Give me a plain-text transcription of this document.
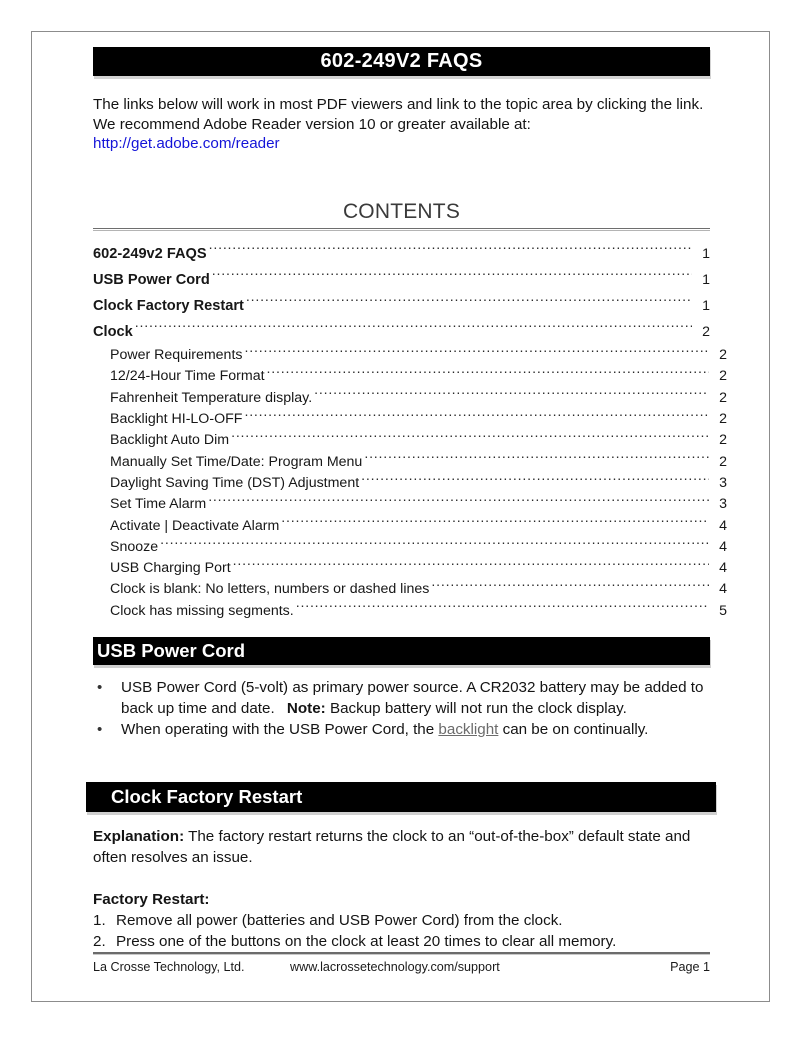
602-249V2 FAQS
The links below will work in most PDF viewers and link to the topic area by clicking the link. We recommend Adobe Reader version 10 or greater available at:
http://get.adobe.com/reader
CONTENTS
602-249v2 FAQS .....	1
USB Power Cord .....	1
Clock Factory Restart .....	1
Clock .....	2
Power Requirements .....	2
12/24-Hour Time Format .....	2
Fahrenheit Temperature display. .....	2
Backlight HI-LO-OFF .....	2
Backlight Auto Dim .....	2
Manually Set Time/Date: Program Menu .....	2
Daylight Saving Time (DST) Adjustment .....	3
Set Time Alarm .....	3
Activate | Deactivate Alarm .....	4
Snooze .....	4
USB Charging Port .....	4
Clock is blank: No letters, numbers or dashed lines .....	4
Clock has missing segments. .....	5
USB Power Cord
•	USB Power Cord (5-volt) as primary power source. A CR2032 battery may be added to back up time and date. Note: Backup battery will not run the clock display.
•	When operating with the USB Power Cord, the backlight can be on continually.
Clock Factory Restart
Explanation: The factory restart returns the clock to an “out-of-the-box” default state and often resolves an issue.
Factory Restart:
1. Remove all power (batteries and USB Power Cord) from the clock.
2. Press one of the buttons on the clock at least 20 times to clear all memory.
La Crosse Technology, Ltd.	www.lacrossetechnology.com/support	Page 1
